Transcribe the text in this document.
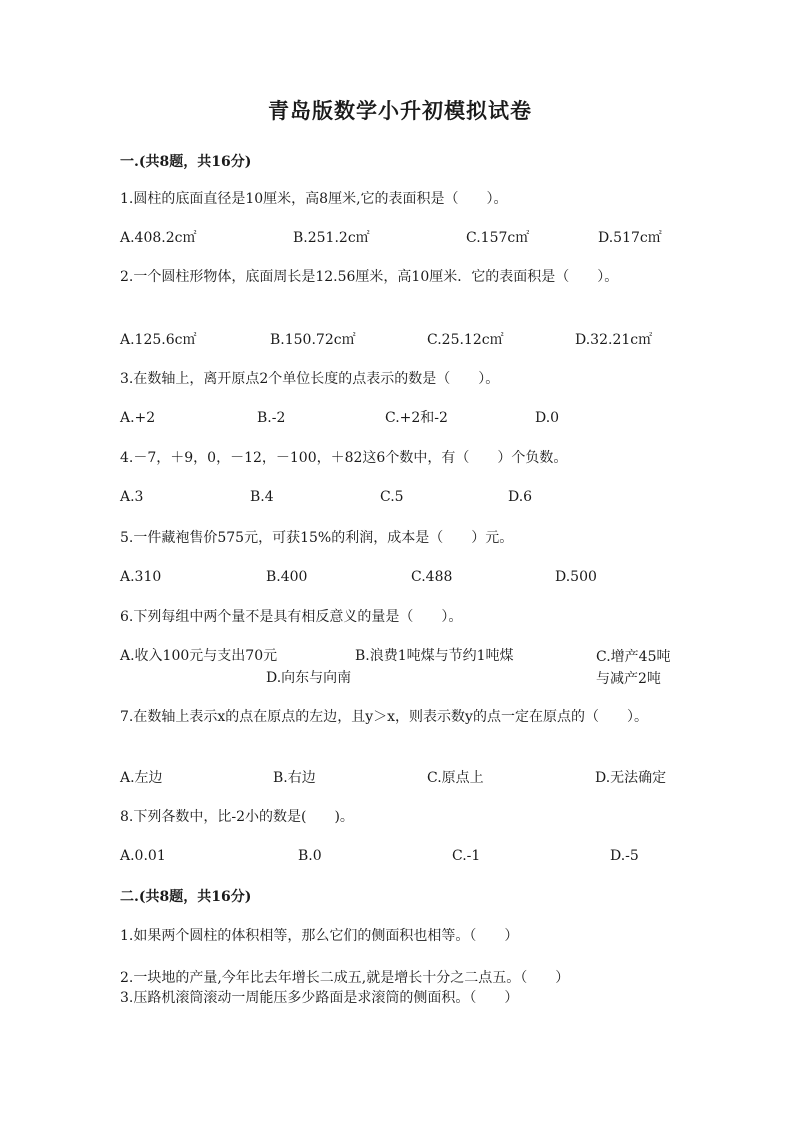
青岛版数学小升初模拟试卷
一.(共8题，共16分)
1.圆柱的底面直径是10厘米，高8厘米,它的表面积是（　　）。
A.408.2c㎡	B.251.2c㎡	C.157c㎡	D.517c㎡
2.一个圆柱形物体，底面周长是12.56厘米，高10厘米．它的表面积是（　　）。
A.125.6c㎡	B.150.72c㎡	C.25.12c㎡	D.32.21c㎡
3.在数轴上，离开原点2个单位长度的点表示的数是（　　）。
A.+2	B.-2	C.+2和-2	D.0
4.－7，＋9，0，－12，－100，＋82这6个数中，有（　　）个负数。
A.3	B.4	C.5	D.6
5.一件藏袍售价575元，可获15%的利润，成本是（　　）元。
A.310	B.400	C.488	D.500
6.下列每组中两个量不是具有相反意义的量是（　　）。
A.收入100元与支出70元	B.浪费1吨煤与节约1吨煤	C.增产45吨与减产2吨
D.向东与向南
7.在数轴上表示x的点在原点的左边，且y＞x，则表示数y的点一定在原点的（　　）。
A.左边	B.右边	C.原点上	D.无法确定
8.下列各数中，比-2小的数是(　　)。
A.0.01	B.0	C.-1	D.-5
二.(共8题，共16分)
1.如果两个圆柱的体积相等，那么它们的侧面积也相等。（　　）
2.一块地的产量,今年比去年增长二成五,就是增长十分之二点五。（　　）
3.压路机滚筒滚动一周能压多少路面是求滚筒的侧面积。（　　）
